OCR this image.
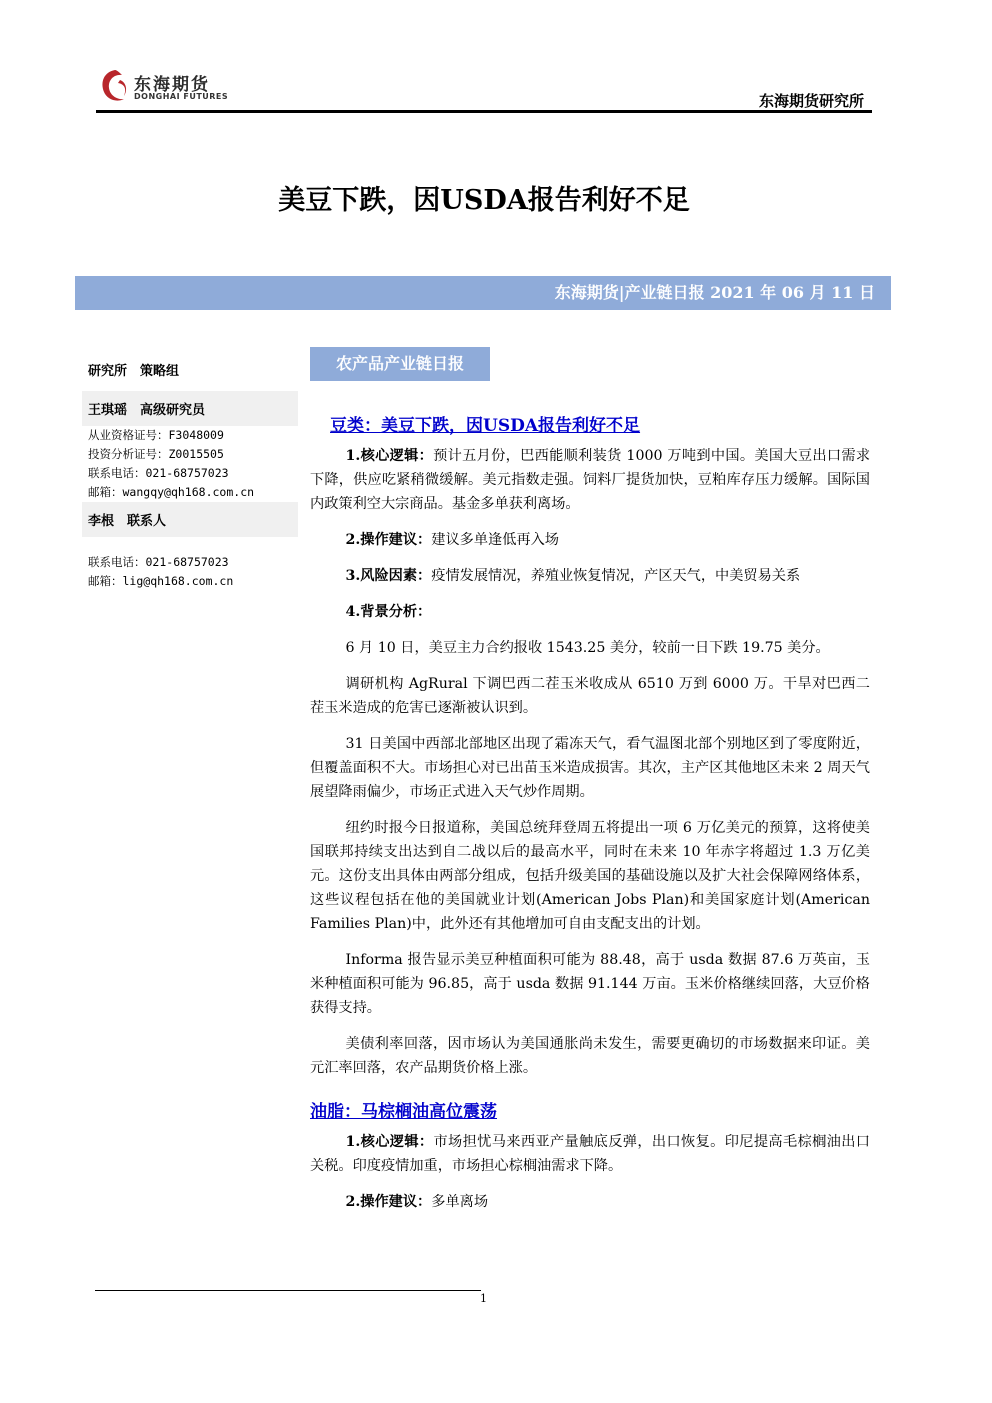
东海期货
DONGHAI FUTURES	东海期货研究所
美豆下跌，因USDA报告利好不足
东海期货|产业链日报 2021 年 06 月 11 日
研究所　策略组
王琪瑶　高级研究员
从业资格证号：F3048009
投资分析证号：Z0015505
联系电话：021-68757023
邮箱：wangqy@qh168.com.cn
李根　联系人
联系电话：021-68757023
邮箱：lig@qh168.com.cn
农产品产业链日报
豆类：美豆下跌，因USDA报告利好不足
1.核心逻辑：预计五月份，巴西能顺利装货 1000 万吨到中国。美国大豆出口需求下降，供应吃紧稍微缓解。美元指数走强。饲料厂提货加快，豆粕库存压力缓解。国际国内政策利空大宗商品。基金多单获利离场。
2.操作建议：建议多单逢低再入场
3.风险因素：疫情发展情况，养殖业恢复情况，产区天气，中美贸易关系
4.背景分析：
6 月 10 日，美豆主力合约报收 1543.25 美分，较前一日下跌 19.75 美分。
调研机构 AgRural 下调巴西二茬玉米收成从 6510 万到 6000 万。干旱对巴西二茬玉米造成的危害已逐渐被认识到。
31 日美国中西部北部地区出现了霜冻天气，看气温图北部个别地区到了零度附近，但覆盖面积不大。市场担心对已出苗玉米造成损害。其次，主产区其他地区未来 2 周天气展望降雨偏少，市场正式进入天气炒作周期。
纽约时报今日报道称，美国总统拜登周五将提出一项 6 万亿美元的预算，这将使美国联邦持续支出达到自二战以后的最高水平，同时在未来 10 年赤字将超过 1.3 万亿美元。这份支出具体由两部分组成，包括升级美国的基础设施以及扩大社会保障网络体系，这些议程包括在他的美国就业计划(American Jobs Plan)和美国家庭计划(American Families Plan)中，此外还有其他增加可自由支配支出的计划。
Informa 报告显示美豆种植面积可能为 88.48，高于 usda 数据 87.6 万英亩，玉米种植面积可能为 96.85，高于 usda 数据 91.144 万亩。玉米价格继续回落，大豆价格获得支持。
美债利率回落，因市场认为美国通胀尚未发生，需要更确切的市场数据来印证。美元汇率回落，农产品期货价格上涨。
油脂：马棕榈油高位震荡
1.核心逻辑：市场担忧马来西亚产量触底反弹，出口恢复。印尼提高毛棕榈油出口关税。印度疫情加重，市场担心棕榈油需求下降。
2.操作建议：多单离场
1
